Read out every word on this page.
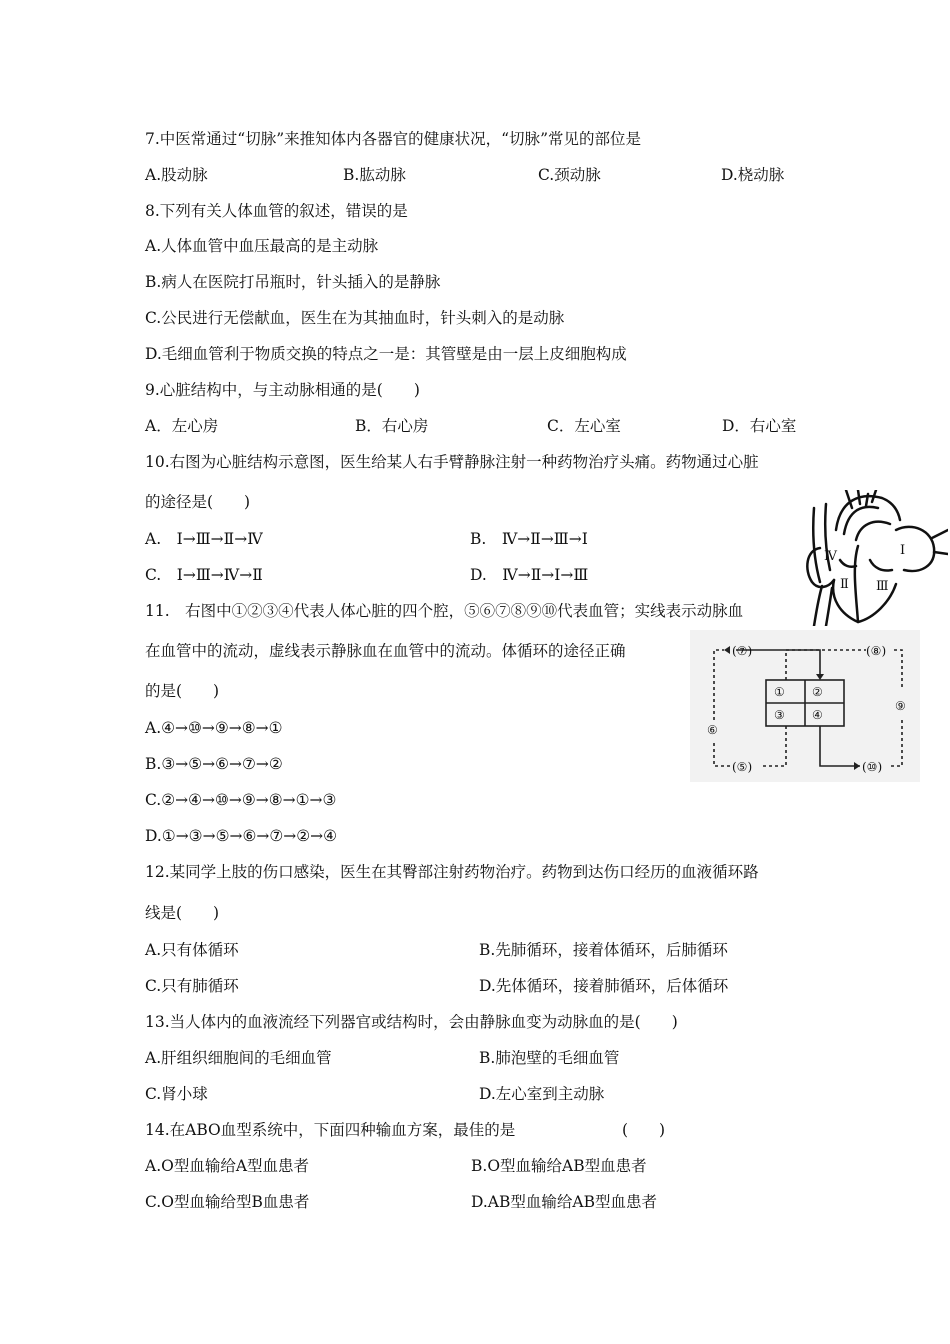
7.中医常通过“切脉”来推知体内各器官的健康状况，“切脉”常见的部位是
A.股动脉	B.肱动脉	C.颈动脉	D.桡动脉
8.下列有关人体血管的叙述，错误的是
A.人体血管中血压最高的是主动脉
B.病人在医院打吊瓶时，针头插入的是静脉
C.公民进行无偿献血，医生在为其抽血时，针头刺入的是动脉
D.毛细血管利于物质交换的特点之一是：其管壁是由一层上皮细胞构成
9.心脏结构中，与主动脉相通的是(　　)
A．左心房	B．右心房	C．左心室	D．右心室
10.右图为心脏结构示意图，医生给某人右手臂静脉注射一种药物治疗头痛。药物通过心脏
的途径是(　　)
A.　Ⅰ→Ⅲ→Ⅱ→Ⅳ	B.　Ⅳ→Ⅱ→Ⅲ→Ⅰ
C.　Ⅰ→Ⅲ→Ⅳ→Ⅱ	D.　Ⅳ→Ⅱ→Ⅰ→Ⅲ
Ⅳ	Ⅰ
Ⅱ Ⅲ
11.　右图中①②③④代表人体心脏的四个腔，⑤⑥⑦⑧⑨⑩代表血管；实线表示动脉血
在血管中的流动，虚线表示静脉血在血管中的流动。体循环的途径正确
的是(　　)
A.④→⑩→⑨→⑧→①
B.③→⑤→⑥→⑦→②
C.②→④→⑩→⑨→⑧→①→③
D.①→③→⑤→⑥→⑦→②→④
① ②
③ ④
(⑤)
⑥
(⑦)	(⑧)
⑨
(⑩)
12.某同学上肢的伤口感染，医生在其臀部注射药物治疗。药物到达伤口经历的血液循环路
线是(　　)
A.只有体循环	B.先肺循环，接着体循环，后肺循环
C.只有肺循环	D.先体循环，接着肺循环，后体循环
13.当人体内的血液流经下列器官或结构时，会由静脉血变为动脉血的是(　　)
A.肝组织细胞间的毛细血管	B.肺泡壁的毛细血管
C.肾小球	D.左心室到主动脉
14.在ABO血型系统中，下面四种输血方案，最佳的是	(　　)
A.O型血输给A型血患者	B.O型血输给AB型血患者
C.O型血输给型B血患者	D.AB型血输给AB型血患者
